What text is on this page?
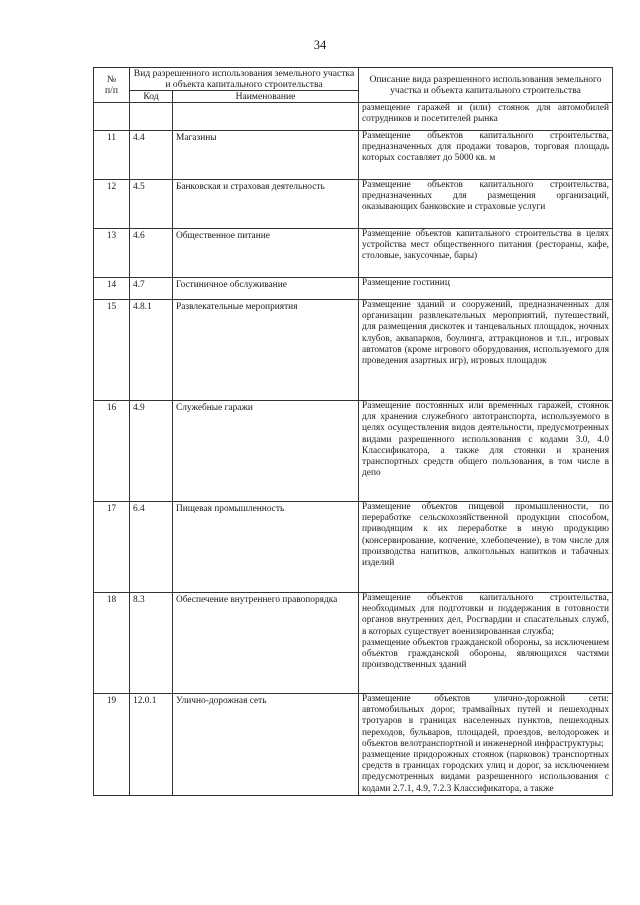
34
№
п/п	Вид разрешенного использования земельного участка и объекта капитального строительства		Описание вида разрешенного использования земельного участка и объекта капитального строительства
	Код	Наименование	

			размещение гаражей и (или) стоянок для автомобилей сотрудников и посетителей рынка

11	4.4	Магазины	Размещение объектов капитального строительства, предназначенных для продажи товаров, торговая площадь которых составляет до 5000 кв. м

12	4.5	Банковская и страховая деятельность	Размещение объектов капитального строительства, предназначенных для размещения организаций, оказывающих банковские и страховые услуги

13	4.6	Общественное питание	Размещение объектов капитального строительства в целях устройства мест общественного питания (рестораны, кафе, столовые, закусочные, бары)

14	4.7	Гостиничное обслуживание	Размещение гостиниц

15	4.8.1	Развлекательные мероприятия	Размещение зданий и сооружений, предназначенных для организации развлекательных мероприятий, путешествий, для размещения дискотек и танцевальных площадок, ночных клубов, аквапарков, боулинга, аттракционов и т.п., игровых автоматов (кроме игрового оборудования, используемого для проведения азартных игр), игровых площадок

16	4.9	Служебные гаражи	Размещение постоянных или временных гаражей, стоянок для хранения служебного автотранспорта, используемого в целях осуществления видов деятельности, предусмотренных видами разрешенного использования с кодами 3.0, 4.0 Классификатора, а также для стоянки и хранения транспортных средств общего пользования, в том числе в депо

17	6.4	Пищевая промышленность	Размещение объектов пищевой промышленности, по переработке сельскохозяйственной продукции способом, приводящим к их переработке в иную продукцию (консервирование, копчение, хлебопечение), в том числе для производства напитков, алкогольных напитков и табачных изделий

18	8.3	Обеспечение внутреннего правопорядка	Размещение объектов капитального строительства, необходимых для подготовки и поддержания в готовности органов внутренних дел, Росгвардии и спасательных служб, в которых существует военизированная служба;
размещение объектов гражданской обороны, за исключением объектов гражданской обороны, являющихся частями производственных зданий

19	12.0.1	Улично-дорожная сеть	Размещение объектов улично-дорожной сети: автомобильных дорог, трамвайных путей и пешеходных тротуаров в границах населенных пунктов, пешеходных переходов, бульваров, площадей, проездов, велодорожек и объектов велотранспортной и инженерной инфраструктуры;
размещение придорожных стоянок (парковок) транспортных средств в границах городских улиц и дорог, за исключением предусмотренных видами разрешенного использования с кодами 2.7.1, 4.9, 7.2.3 Классификатора, а также
